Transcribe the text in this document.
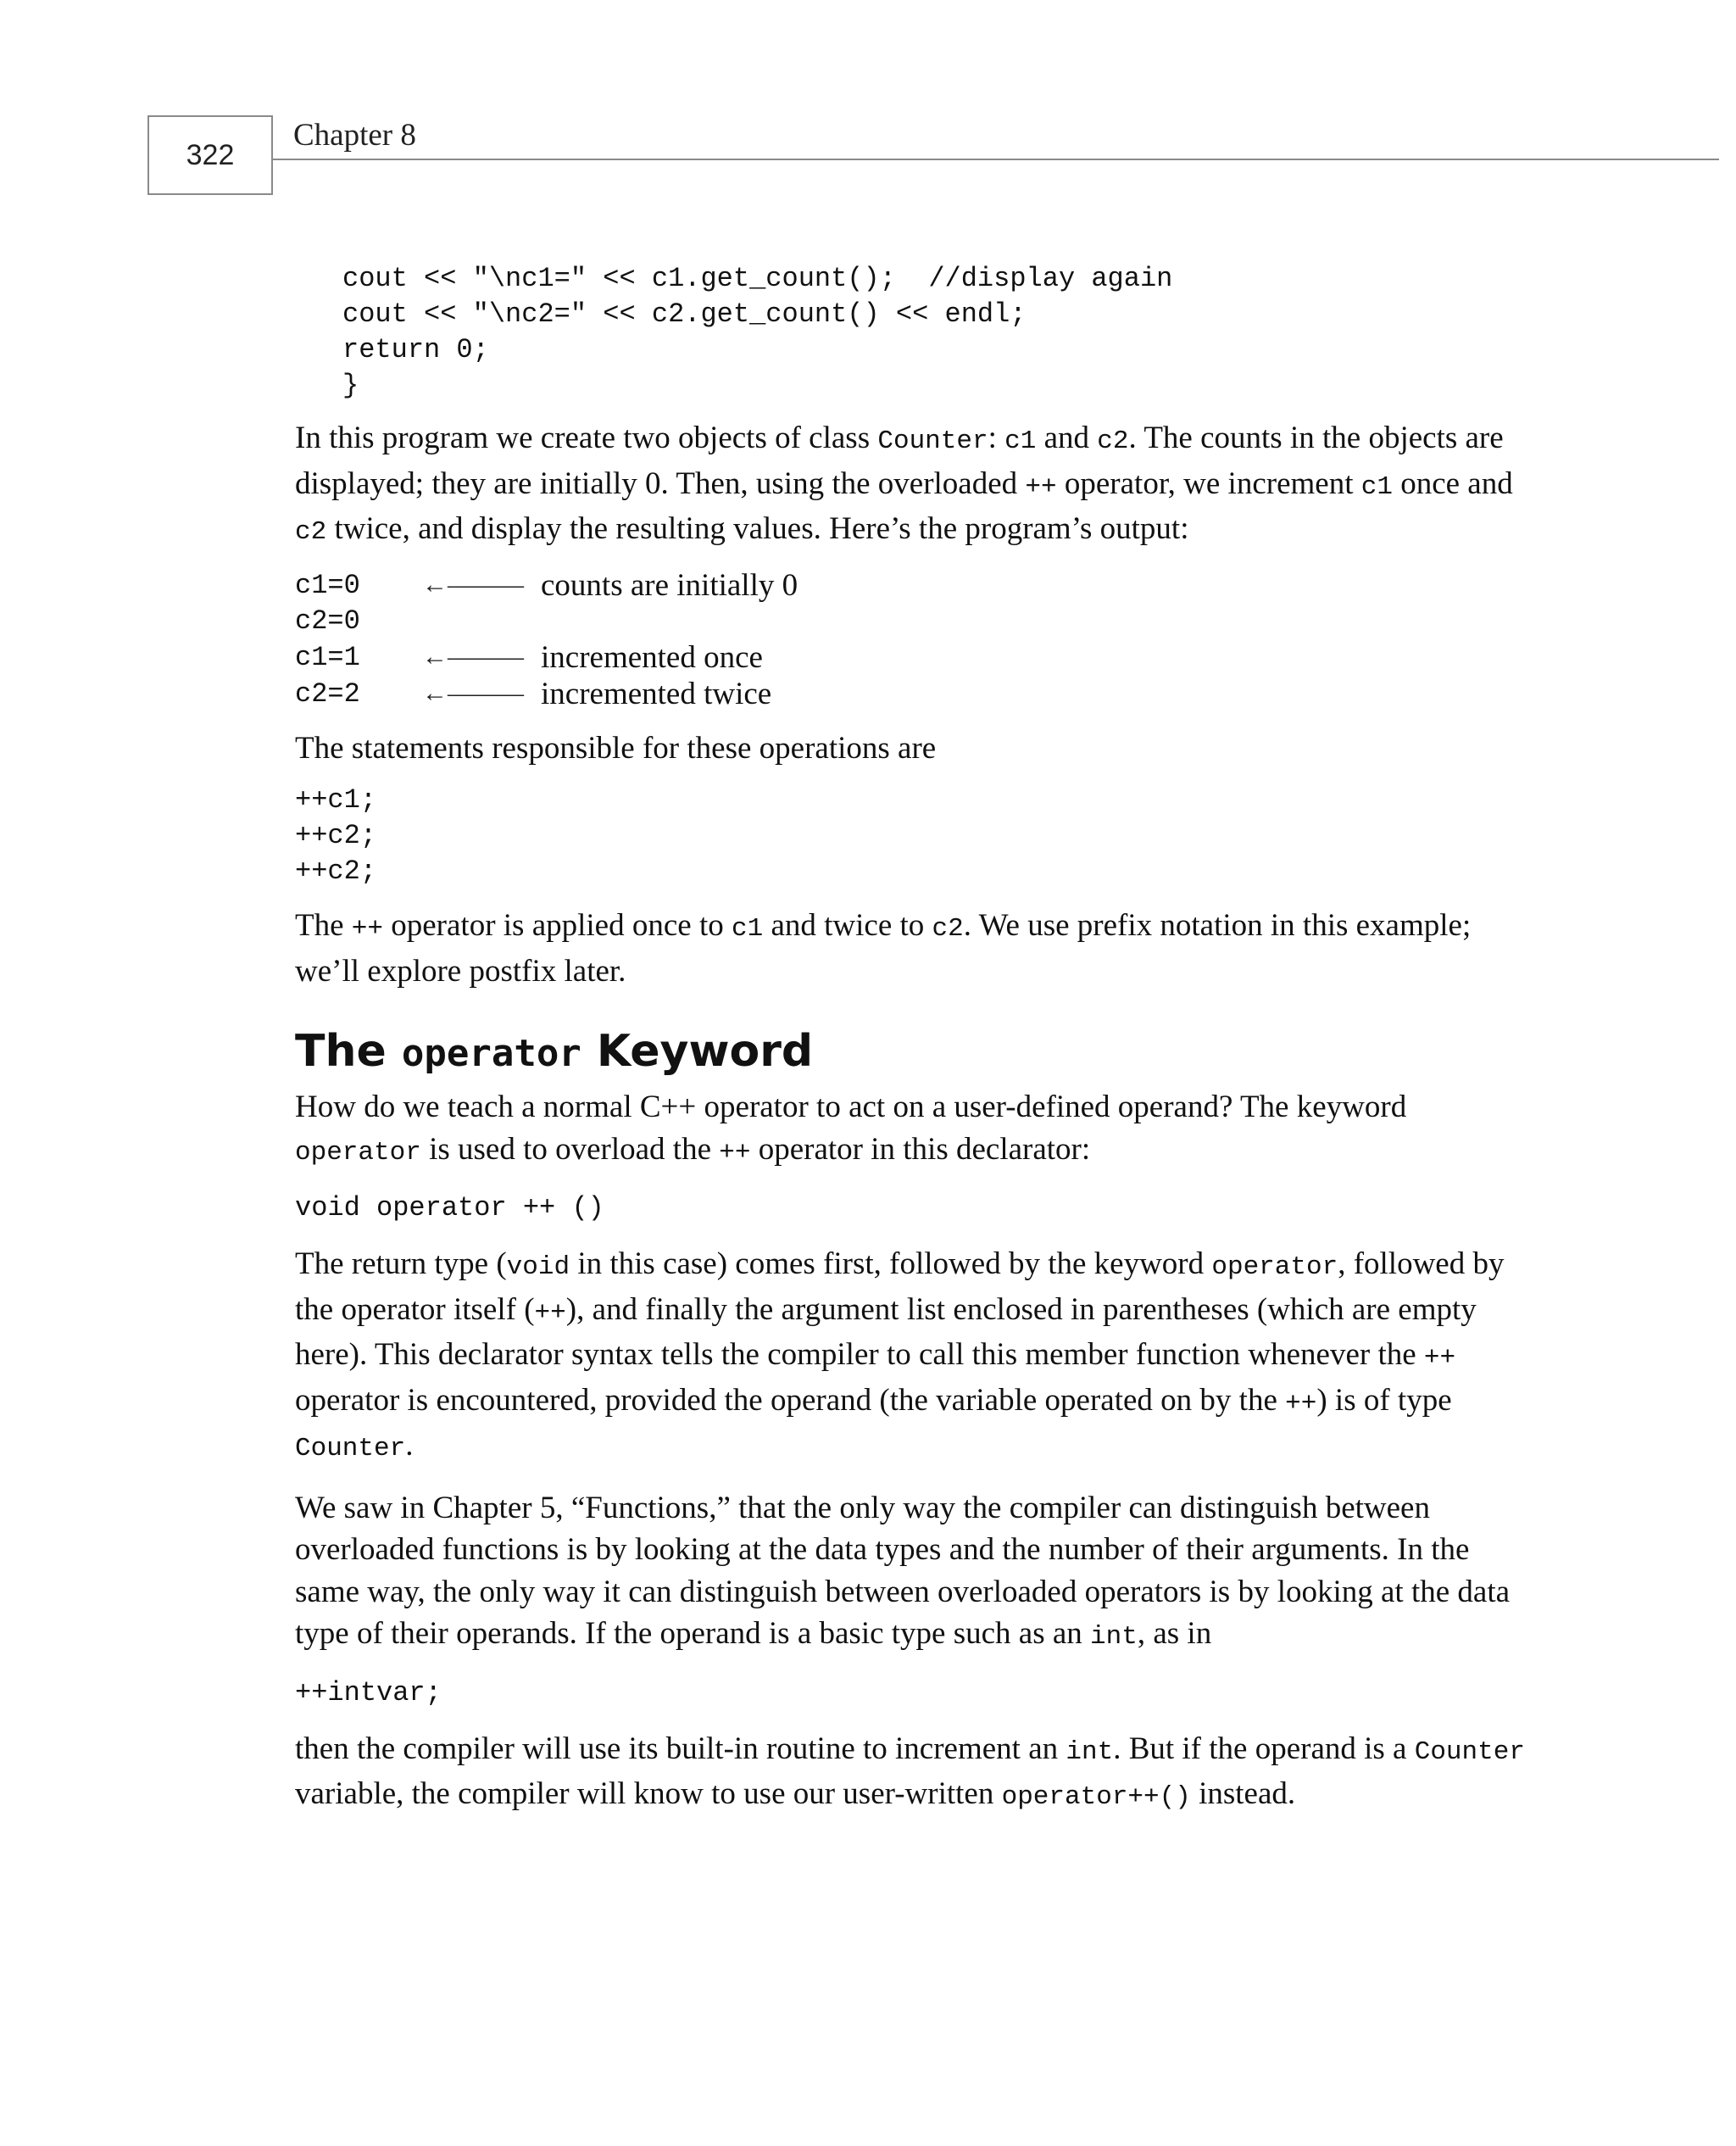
322
Chapter 8
cout << "\nc1=" << c1.get_count();  //display again
cout << "\nc2=" << c2.get_count() << endl;
return 0;
}

In this program we create two objects of class Counter: c1 and c2. The counts in the objects are displayed; they are initially 0. Then, using the overloaded ++ operator, we increment c1 once and c2 twice, and display the resulting values. Here’s the program’s output:

c1=0	←———	counts are initially 0
c2=0		
c1=1	←———	incremented once
c2=2	←———	incremented twice

The statements responsible for these operations are

++c1;
++c2;
++c2;

The ++ operator is applied once to c1 and twice to c2. We use prefix notation in this example; we’ll explore postfix later.

The operator Keyword

How do we teach a normal C++ operator to act on a user-defined operand? The keyword operator is used to overload the ++ operator in this declarator:

void operator ++ ()

The return type (void in this case) comes first, followed by the keyword operator, followed by the operator itself (++), and finally the argument list enclosed in parentheses (which are empty here). This declarator syntax tells the compiler to call this member function whenever the ++ operator is encountered, provided the operand (the variable operated on by the ++) is of type Counter.

We saw in Chapter 5, “Functions,” that the only way the compiler can distinguish between overloaded functions is by looking at the data types and the number of their arguments. In the same way, the only way it can distinguish between overloaded operators is by looking at the data type of their operands. If the operand is a basic type such as an int, as in

++intvar;

then the compiler will use its built-in routine to increment an int. But if the operand is a Counter variable, the compiler will know to use our user-written operator++() instead.
